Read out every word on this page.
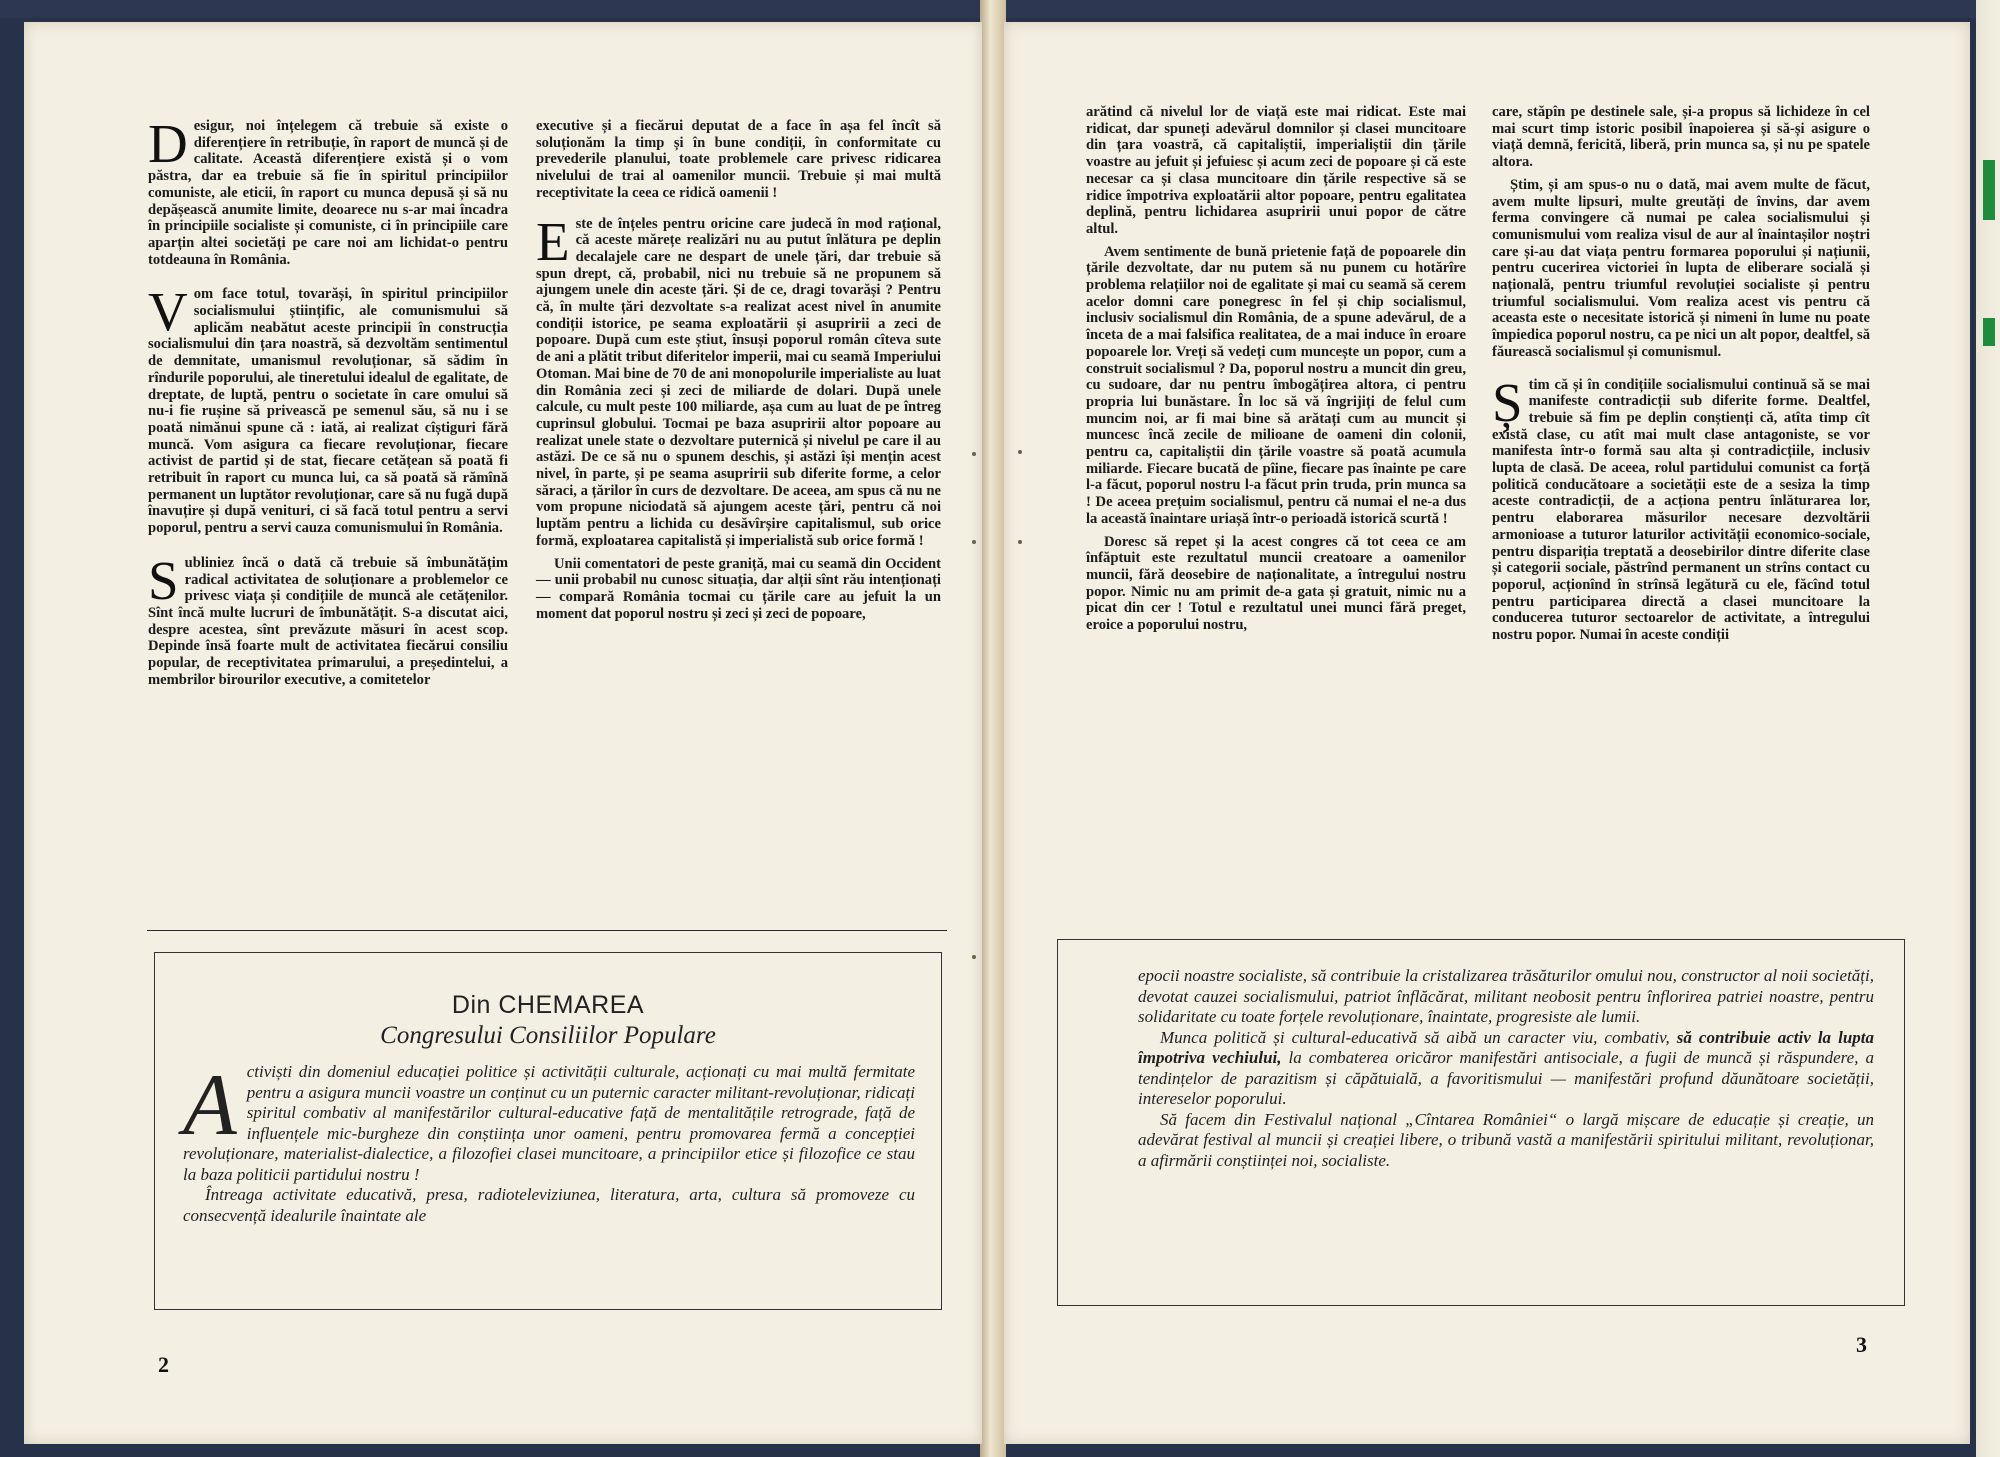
Desigur, noi înțelegem că trebuie să existe o diferențiere în retribuție, în raport de muncă și de calitate. Această diferențiere există și o vom păstra, dar ea trebuie să fie în spiritul principiilor comuniste, ale eticii, în raport cu munca depusă și să nu depășească anumite limite, deoarece nu s-ar mai încadra în principiile socialiste și comuniste, ci în principiile care aparțin altei societăți pe care noi am lichidat-o pentru totdeauna în România.

Vom face totul, tovarăși, în spiritul principiilor socialismului științific, ale comunismului să aplicăm neabătut aceste principii în construcția socialismului din țara noastră, să dezvoltăm sentimentul de demnitate, umanismul revoluționar, să sădim în rîndurile poporului, ale tineretului idealul de egalitate, de dreptate, de luptă, pentru o societate în care omului să nu-i fie rușine să privească pe semenul său, să nu i se poată nimănui spune că : iată, ai realizat cîștiguri fără muncă. Vom asigura ca fiecare revoluționar, fiecare activist de partid și de stat, fiecare cetățean să poată fi retribuit în raport cu munca lui, ca să poată să rămînă permanent un luptător revoluționar, care să nu fugă după înavuțire și după venituri, ci să facă totul pentru a servi poporul, pentru a servi cauza comunismului în România.

Subliniez încă o dată că trebuie să îmbunătățim radical activitatea de soluționare a problemelor ce privesc viața și condițiile de muncă ale cetățenilor. Sînt încă multe lucruri de îmbunătățit. S-a discutat aici, despre acestea, sînt prevăzute măsuri în acest scop. Depinde însă foarte mult de activitatea fiecărui consiliu popular, de receptivitatea primarului, a președintelui, a membrilor birourilor executive, a comitetelor

executive și a fiecărui deputat de a face în așa fel încît să soluționăm la timp și în bune condiții, în conformitate cu prevederile planului, toate problemele care privesc ridicarea nivelului de trai al oamenilor muncii. Trebuie și mai multă receptivitate la ceea ce ridică oamenii !

Este de înțeles pentru oricine care judecă în mod rațional, că aceste mărețe realizări nu au putut înlătura pe deplin decalajele care ne despart de unele țări, dar trebuie să spun drept, că, probabil, nici nu trebuie să ne propunem să ajungem unele din aceste țări. Și de ce, dragi tovarăși ? Pentru că, în multe țări dezvoltate s-a realizat acest nivel în anumite condiții istorice, pe seama exploatării și asupririi a zeci de popoare. După cum este știut, însuși poporul român cîteva sute de ani a plătit tribut diferitelor imperii, mai cu seamă Imperiului Otoman. Mai bine de 70 de ani monopolurile imperialiste au luat din România zeci și zeci de miliarde de dolari. După unele calcule, cu mult peste 100 miliarde, așa cum au luat de pe întreg cuprinsul globului. Tocmai pe baza asupririi altor popoare au realizat unele state o dezvoltare puternică și nivelul pe care il au astăzi. De ce să nu o spunem deschis, și astăzi își mențin acest nivel, în parte, și pe seama asupririi sub diferite forme, a celor săraci, a țărilor în curs de dezvoltare. De aceea, am spus că nu ne vom propune niciodată să ajungem aceste țări, pentru că noi luptăm pentru a lichida cu desăvîrșire capitalismul, sub orice formă, exploatarea capitalistă și imperialistă sub orice formă !

Unii comentatori de peste graniță, mai cu seamă din Occident — unii probabil nu cunosc situația, dar alții sînt rău intenționați — compară România tocmai cu țările care au jefuit la un moment dat poporul nostru și zeci și zeci de popoare,

Din CHEMAREA
Congresului Consiliilor Populare

Activiști din domeniul educației politice și activității culturale, acționați cu mai multă fermitate pentru a asigura muncii voastre un conținut cu un puternic caracter militant-revoluționar, ridicați spiritul combativ al manifestărilor cultural-educative față de mentalitățile retrograde, față de influențele mic-burgheze din conștiința unor oameni, pentru promovarea fermă a concepției revoluționare, materialist-dialectice, a filozofiei clasei muncitoare, a principiilor etice și filozofice ce stau la baza politicii partidului nostru !

Întreaga activitate educativă, presa, radioteleviziunea, literatura, arta, cultura să promoveze cu consecvență idealurile înaintate ale

2

arătind că nivelul lor de viață este mai ridicat. Este mai ridicat, dar spuneți adevărul domnilor și clasei muncitoare din țara voastră, că capitaliștii, imperialiștii din țările voastre au jefuit și jefuiesc și acum zeci de popoare și că este necesar ca și clasa muncitoare din țările respective să se ridice împotriva exploatării altor popoare, pentru egalitatea deplină, pentru lichidarea asupririi unui popor de către altul.

Avem sentimente de bună prietenie față de popoarele din țările dezvoltate, dar nu putem să nu punem cu hotărîre problema relațiilor noi de egalitate și mai cu seamă să cerem acelor domni care ponegresc în fel și chip socialismul, inclusiv socialismul din România, de a spune adevărul, de a înceta de a mai falsifica realitatea, de a mai induce în eroare popoarele lor. Vreți să vedeți cum muncește un popor, cum a construit socialismul ? Da, poporul nostru a muncit din greu, cu sudoare, dar nu pentru îmbogățirea altora, ci pentru propria lui bunăstare. În loc să vă îngrijiți de felul cum muncim noi, ar fi mai bine să arătați cum au muncit și muncesc încă zecile de milioane de oameni din colonii, pentru ca, capitaliștii din țările voastre să poată acumula miliarde. Fiecare bucată de pîine, fiecare pas înainte pe care l-a făcut, poporul nostru l-a făcut prin truda, prin munca sa ! De aceea prețuim socialismul, pentru că numai el ne-a dus la această înaintare uriașă într-o perioadă istorică scurtă !

Doresc să repet și la acest congres că tot ceea ce am înfăptuit este rezultatul muncii creatoare a oamenilor muncii, fără deosebire de naționalitate, a întregului nostru popor. Nimic nu am primit de-a gata și gratuit, nimic nu a picat din cer ! Totul e rezultatul unei munci fără preget, eroice a poporului nostru,

care, stăpîn pe destinele sale, și-a propus să lichideze în cel mai scurt timp istoric posibil înapoierea și să-și asigure o viață demnă, fericită, liberă, prin munca sa, și nu pe spatele altora.

Știm, și am spus-o nu o dată, mai avem multe de făcut, avem multe lipsuri, multe greutăți de învins, dar avem ferma convingere că numai pe calea socialismului și comunismului vom realiza visul de aur al înaintașilor noștri care și-au dat viața pentru formarea poporului și națiunii, pentru cucerirea victoriei în lupta de eliberare socială și națională, pentru triumful revoluției socialiste și pentru triumful socialismului. Vom realiza acest vis pentru că aceasta este o necesitate istorică și nimeni în lume nu poate împiedica poporul nostru, ca pe nici un alt popor, dealtfel, să făurească socialismul și comunismul.

Știm că și în condițiile socialismului continuă să se mai manifeste contradicții sub diferite forme. Dealtfel, trebuie să fim pe deplin conștienți că, atîta timp cît există clase, cu atît mai mult clase antagoniste, se vor manifesta într-o formă sau alta și contradicțiile, inclusiv lupta de clasă. De aceea, rolul partidului comunist ca forță politică conducătoare a societății este de a sesiza la timp aceste contradicții, de a acționa pentru înlăturarea lor, pentru elaborarea măsurilor necesare dezvoltării armonioase a tuturor laturilor activității economico-sociale, pentru dispariția treptată a deosebirilor dintre diferite clase și categorii sociale, păstrînd permanent un strîns contact cu poporul, acționînd în strînsă legătură cu ele, făcînd totul pentru participarea directă a clasei muncitoare la conducerea tuturor sectoarelor de activitate, a întregului nostru popor. Numai în aceste condiții

epocii noastre socialiste, să contribuie la cristalizarea trăsăturilor omului nou, constructor al noii societăți, devotat cauzei socialismului, patriot înflăcărat, militant neobosit pentru înflorirea patriei noastre, pentru solidaritate cu toate forțele revoluționare, înaintate, progresiste ale lumii.

Munca politică și cultural-educativă să aibă un caracter viu, combativ, să contribuie activ la lupta împotriva vechiului, la combaterea oricăror manifestări antisociale, a fugii de muncă și răspundere, a tendințelor de parazitism și căpătuială, a favoritismului — manifestări profund dăunătoare societății, intereselor poporului.

Să facem din Festivalul național „Cîntarea României“ o largă mișcare de educație și creație, un adevărat festival al muncii și creației libere, o tribună vastă a manifestării spiritului militant, revoluționar, a afirmării conștiinței noi, socialiste.

3
